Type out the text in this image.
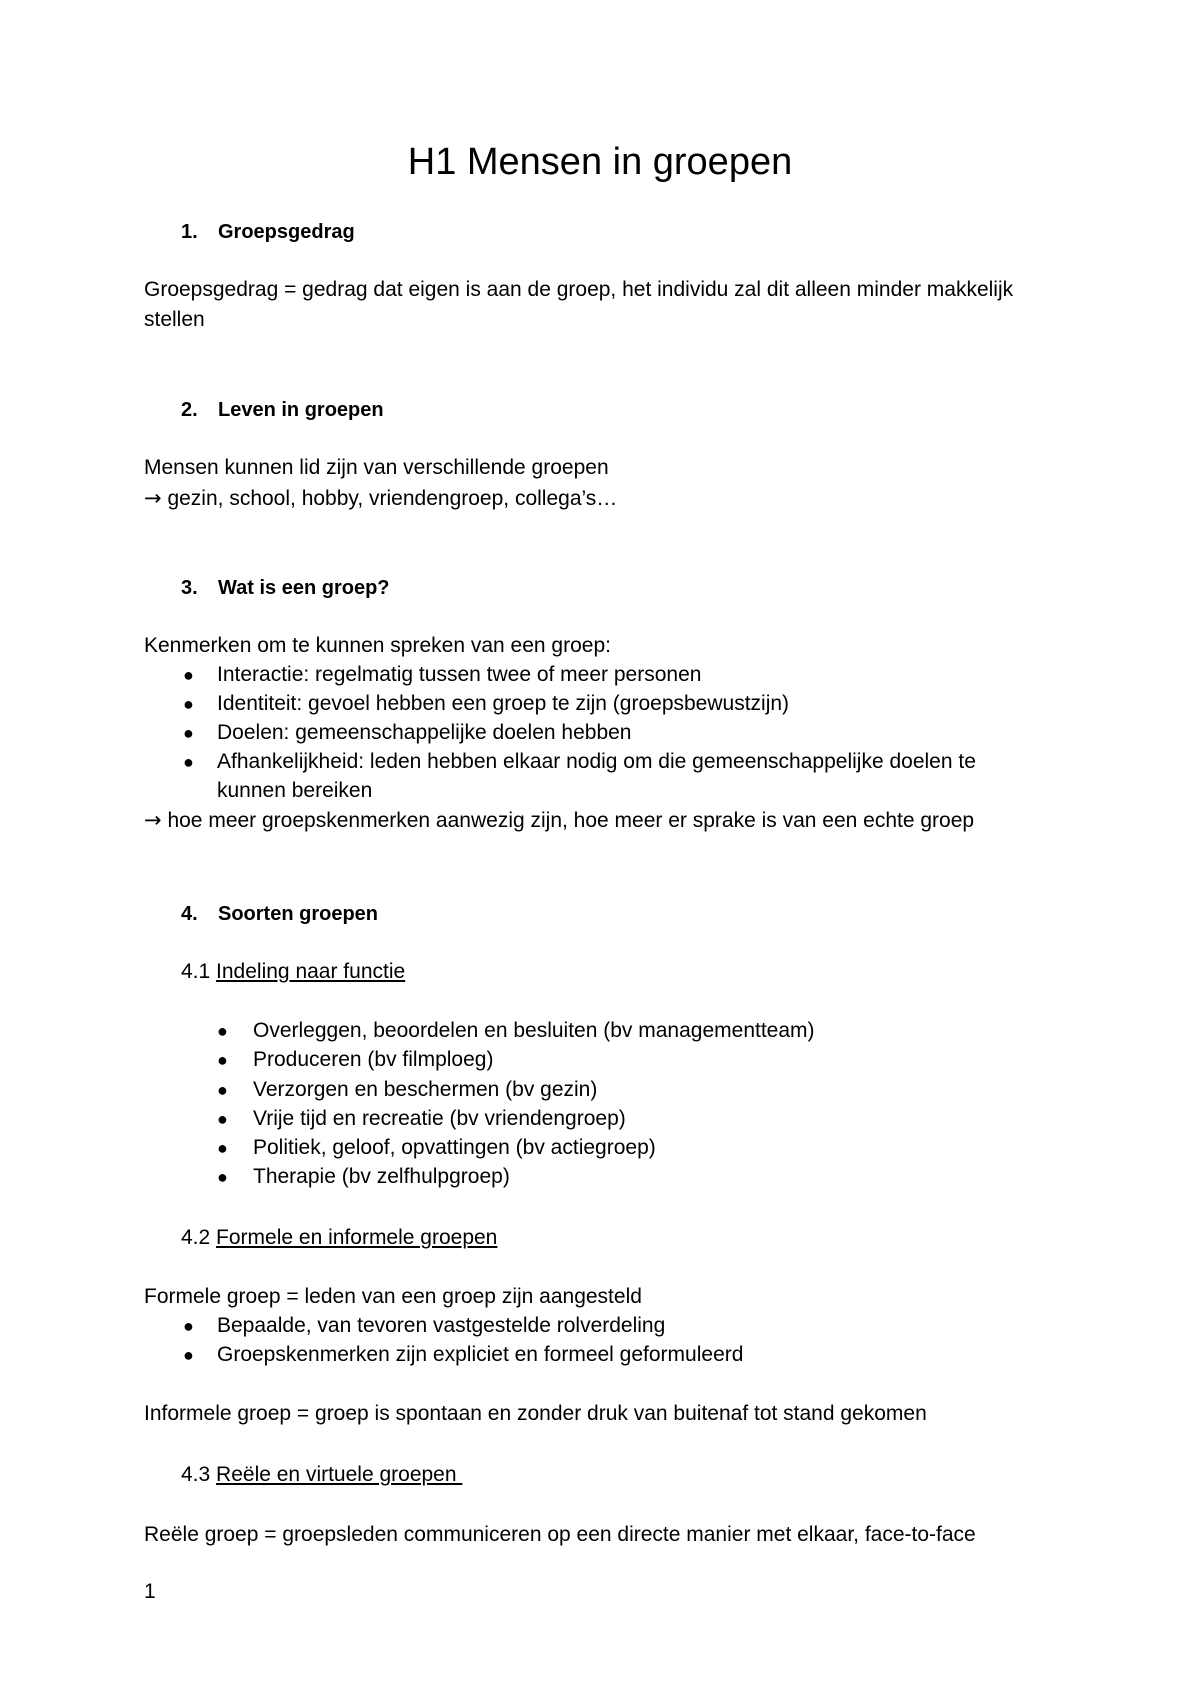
H1 Mensen in groepen
1. Groepsgedrag
Groepsgedrag = gedrag dat eigen is aan de groep, het individu zal dit alleen minder makkelijk
stellen
2. Leven in groepen
Mensen kunnen lid zijn van verschillende groepen
→ gezin, school, hobby, vriendengroep, collega’s…
3. Wat is een groep?
Kenmerken om te kunnen spreken van een groep:
● Interactie: regelmatig tussen twee of meer personen
● Identiteit: gevoel hebben een groep te zijn (groepsbewustzijn)
● Doelen: gemeenschappelijke doelen hebben
● Afhankelijkheid: leden hebben elkaar nodig om die gemeenschappelijke doelen te
kunnen bereiken
→ hoe meer groepskenmerken aanwezig zijn, hoe meer er sprake is van een echte groep
4. Soorten groepen
4.1 Indeling naar functie
● Overleggen, beoordelen en besluiten (bv managementteam)
● Produceren (bv filmploeg)
● Verzorgen en beschermen (bv gezin)
● Vrije tijd en recreatie (bv vriendengroep)
● Politiek, geloof, opvattingen (bv actiegroep)
● Therapie (bv zelfhulpgroep)
4.2 Formele en informele groepen
Formele groep = leden van een groep zijn aangesteld
● Bepaalde, van tevoren vastgestelde rolverdeling
● Groepskenmerken zijn expliciet en formeel geformuleerd
Informele groep = groep is spontaan en zonder druk van buitenaf tot stand gekomen
4.3 Reële en virtuele groepen
Reële groep = groepsleden communiceren op een directe manier met elkaar, face-to-face
1
